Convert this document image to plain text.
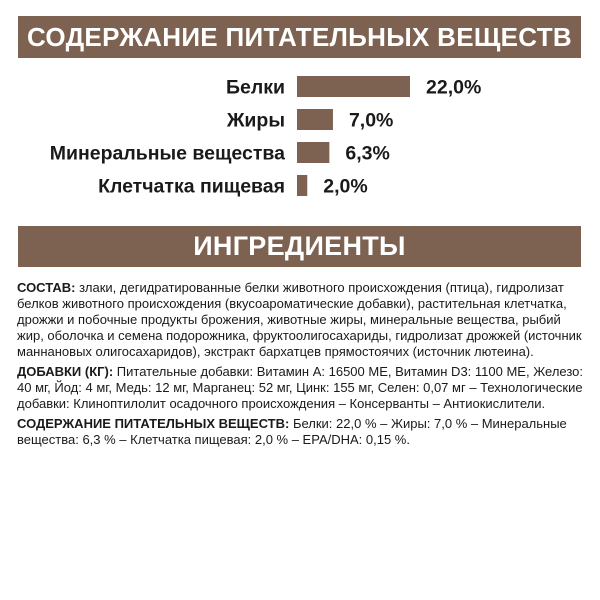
СОДЕРЖАНИЕ ПИТАТЕЛЬНЫХ ВЕЩЕСТВ
Белки	22,0%
Жиры	7,0%
Минеральные вещества	6,3%
Клетчатка пищевая 2,0%
ИНГРЕДИЕНТЫ

СОСТАВ: злаки, дегидратированные белки животного происхождения (птица), гидролизат белков животного происхождения (вкусоароматические добавки), растительная клетчатка, дрожжи и побочные продукты брожения, животные жиры, минеральные вещества, рыбий жир, оболочка и семена подорожника, фруктоолигосахариды, гидролизат дрожжей (источник маннановых олигосахаридов), экстракт бархатцев прямостоячих (источник лютеина).

ДОБАВКИ (КГ): Питательные добавки: Витамин А: 16500 МЕ, Витамин D3: 1100 МЕ, Железо: 40 мг, Йод: 4 мг, Медь: 12 мг, Марганец: 52 мг, Цинк: 155 мг, Селен: 0,07 мг – Технологические добавки: Клиноптилолит осадочного происхождения – Консерванты – Антиокислители.

СОДЕРЖАНИЕ ПИТАТЕЛЬНЫХ ВЕЩЕСТВ: Белки: 22,0 % – Жиры: 7,0 % – Минеральные вещества: 6,3 % – Клетчатка пищевая: 2,0 % – EPA/DHA: 0,15 %.
